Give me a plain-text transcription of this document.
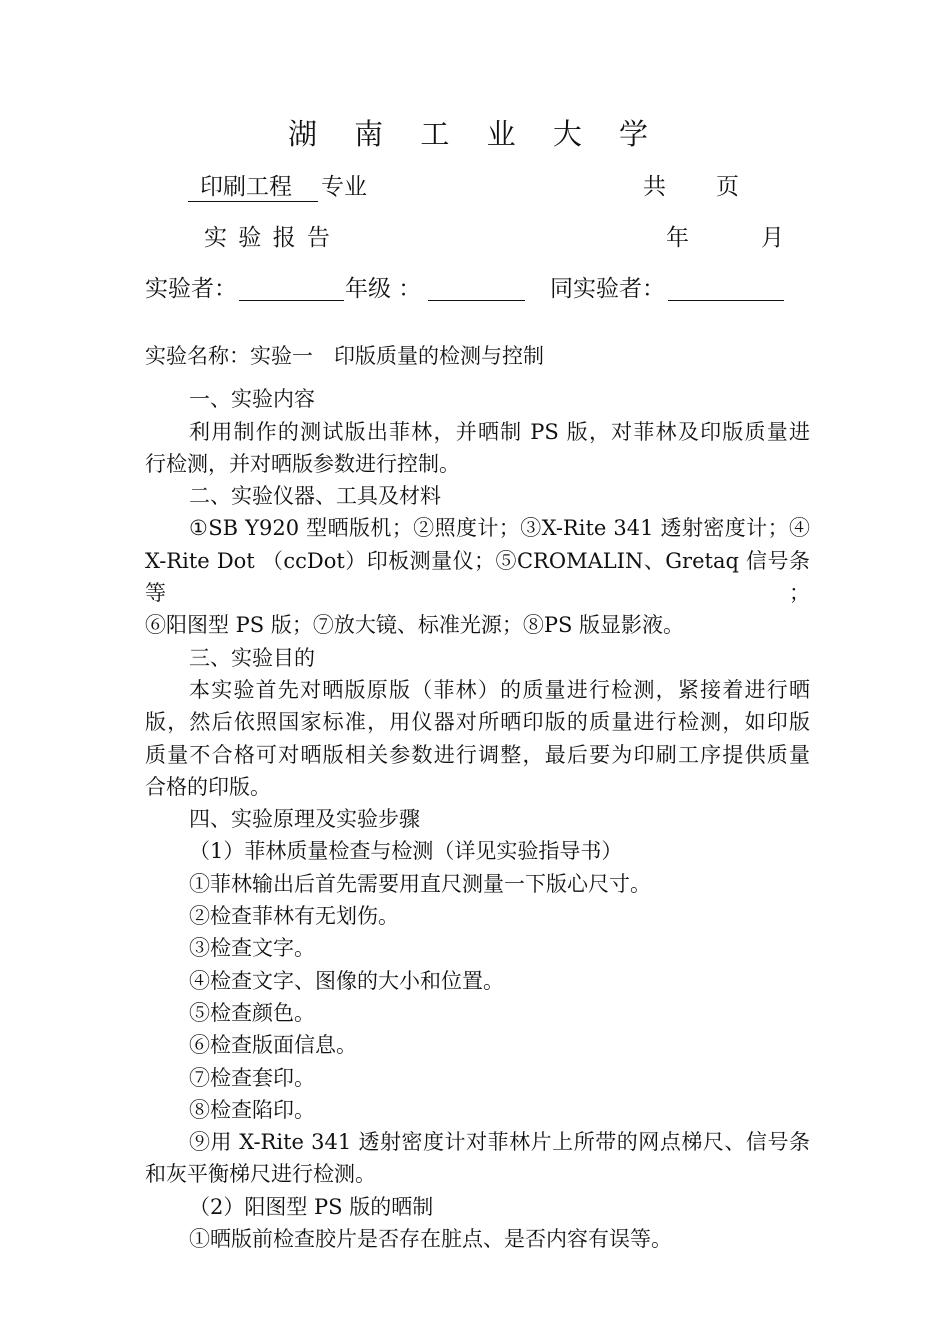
湖 南 工 业 大 学
印刷工程 专业	共 页
实 验 报 告	年	月
实验者：	年级 ：	同实验者：

实验名称：实验一　印版质量的检测与控制

一、实验内容

利用制作的测试版出菲林，并晒制 PS 版，对菲林及印版质量进

行检测，并对晒版参数进行控制。

二、实验仪器、工具及材料

①SB Y920 型晒版机；②照度计；③X-Rite 341 透射密度计；④

X-Rite Dot （ccDot）印板测量仪；⑤CROMALIN、Gretaq 信号条等；

⑥阳图型 PS 版；⑦放大镜、标准光源；⑧PS 版显影液。

三、实验目的

本实验首先对晒版原版（菲林）的质量进行检测，紧接着进行晒

版，然后依照国家标准，用仪器对所晒印版的质量进行检测，如印版

质量不合格可对晒版相关参数进行调整，最后要为印刷工序提供质量

合格的印版。

四、实验原理及实验步骤

（1）菲林质量检查与检测（详见实验指导书）

①菲林输出后首先需要用直尺测量一下版心尺寸。

②检查菲林有无划伤。

③检查文字。

④检查文字、图像的大小和位置。

⑤检查颜色。

⑥检查版面信息。

⑦检查套印。

⑧检查陷印。

⑨用 X-Rite 341 透射密度计对菲林片上所带的网点梯尺、信号条

和灰平衡梯尺进行检测。

（2）阳图型 PS 版的晒制

①晒版前检查胶片是否存在脏点、是否内容有误等。
